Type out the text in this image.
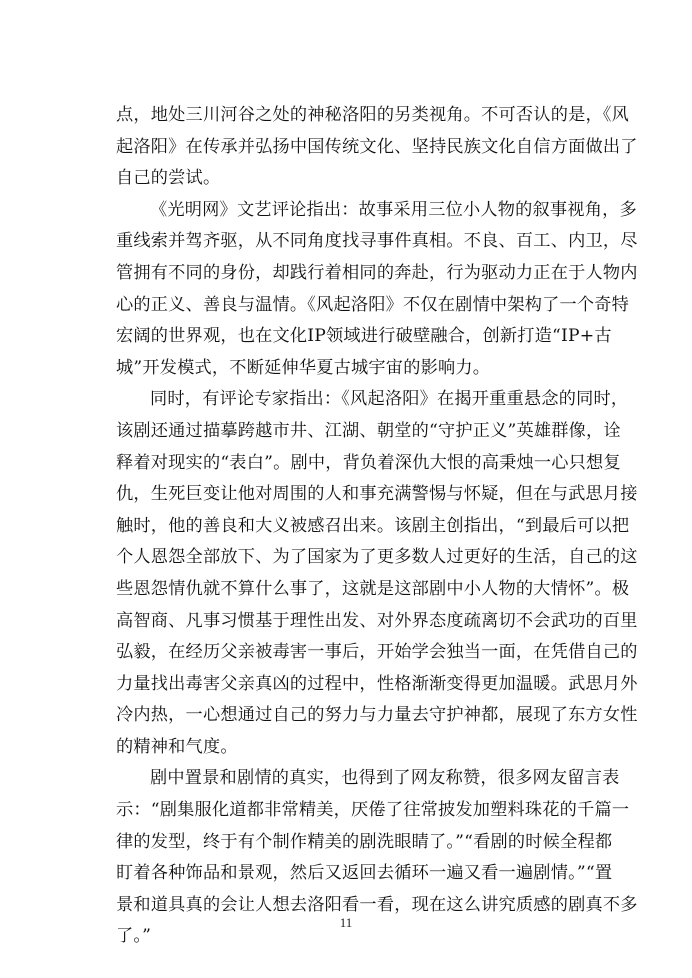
点，地处三川河谷之处的神秘洛阳的另类视角。不可否认的是，《风
起洛阳》在传承并弘扬中国传统文化、坚持民族文化自信方面做出了
自己的尝试。
《光明网》文艺评论指出：故事采用三位小人物的叙事视角，多
重线索并驾齐驱，从不同角度找寻事件真相。不良、百工、内卫，尽
管拥有不同的身份，却践行着相同的奔赴，行为驱动力正在于人物内
心的正义、善良与温情。《风起洛阳》不仅在剧情中架构了一个奇特
宏阔的世界观，也在文化IP领域进行破壁融合，创新打造“IP+古
城”开发模式，不断延伸华夏古城宇宙的影响力。
同时，有评论专家指出：《风起洛阳》在揭开重重悬念的同时，
该剧还通过描摹跨越市井、江湖、朝堂的“守护正义”英雄群像，诠
释着对现实的“表白”。剧中，背负着深仇大恨的高秉烛一心只想复
仇，生死巨变让他对周围的人和事充满警惕与怀疑，但在与武思月接
触时，他的善良和大义被感召出来。该剧主创指出，“到最后可以把
个人恩怨全部放下、为了国家为了更多数人过更好的生活，自己的这
些恩怨情仇就不算什么事了，这就是这部剧中小人物的大情怀”。极
高智商、凡事习惯基于理性出发、对外界态度疏离切不会武功的百里
弘毅，在经历父亲被毒害一事后，开始学会独当一面，在凭借自己的
力量找出毒害父亲真凶的过程中，性格渐渐变得更加温暖。武思月外
冷内热，一心想通过自己的努力与力量去守护神都，展现了东方女性
的精神和气度。
剧中置景和剧情的真实，也得到了网友称赞，很多网友留言表
示：“剧集服化道都非常精美，厌倦了往常披发加塑料珠花的千篇一
律的发型，终于有个制作精美的剧洗眼睛了。”“看剧的时候全程都
盯着各种饰品和景观，然后又返回去循环一遍又看一遍剧情。”“置
景和道具真的会让人想去洛阳看一看，现在这么讲究质感的剧真不多
了。”
11
